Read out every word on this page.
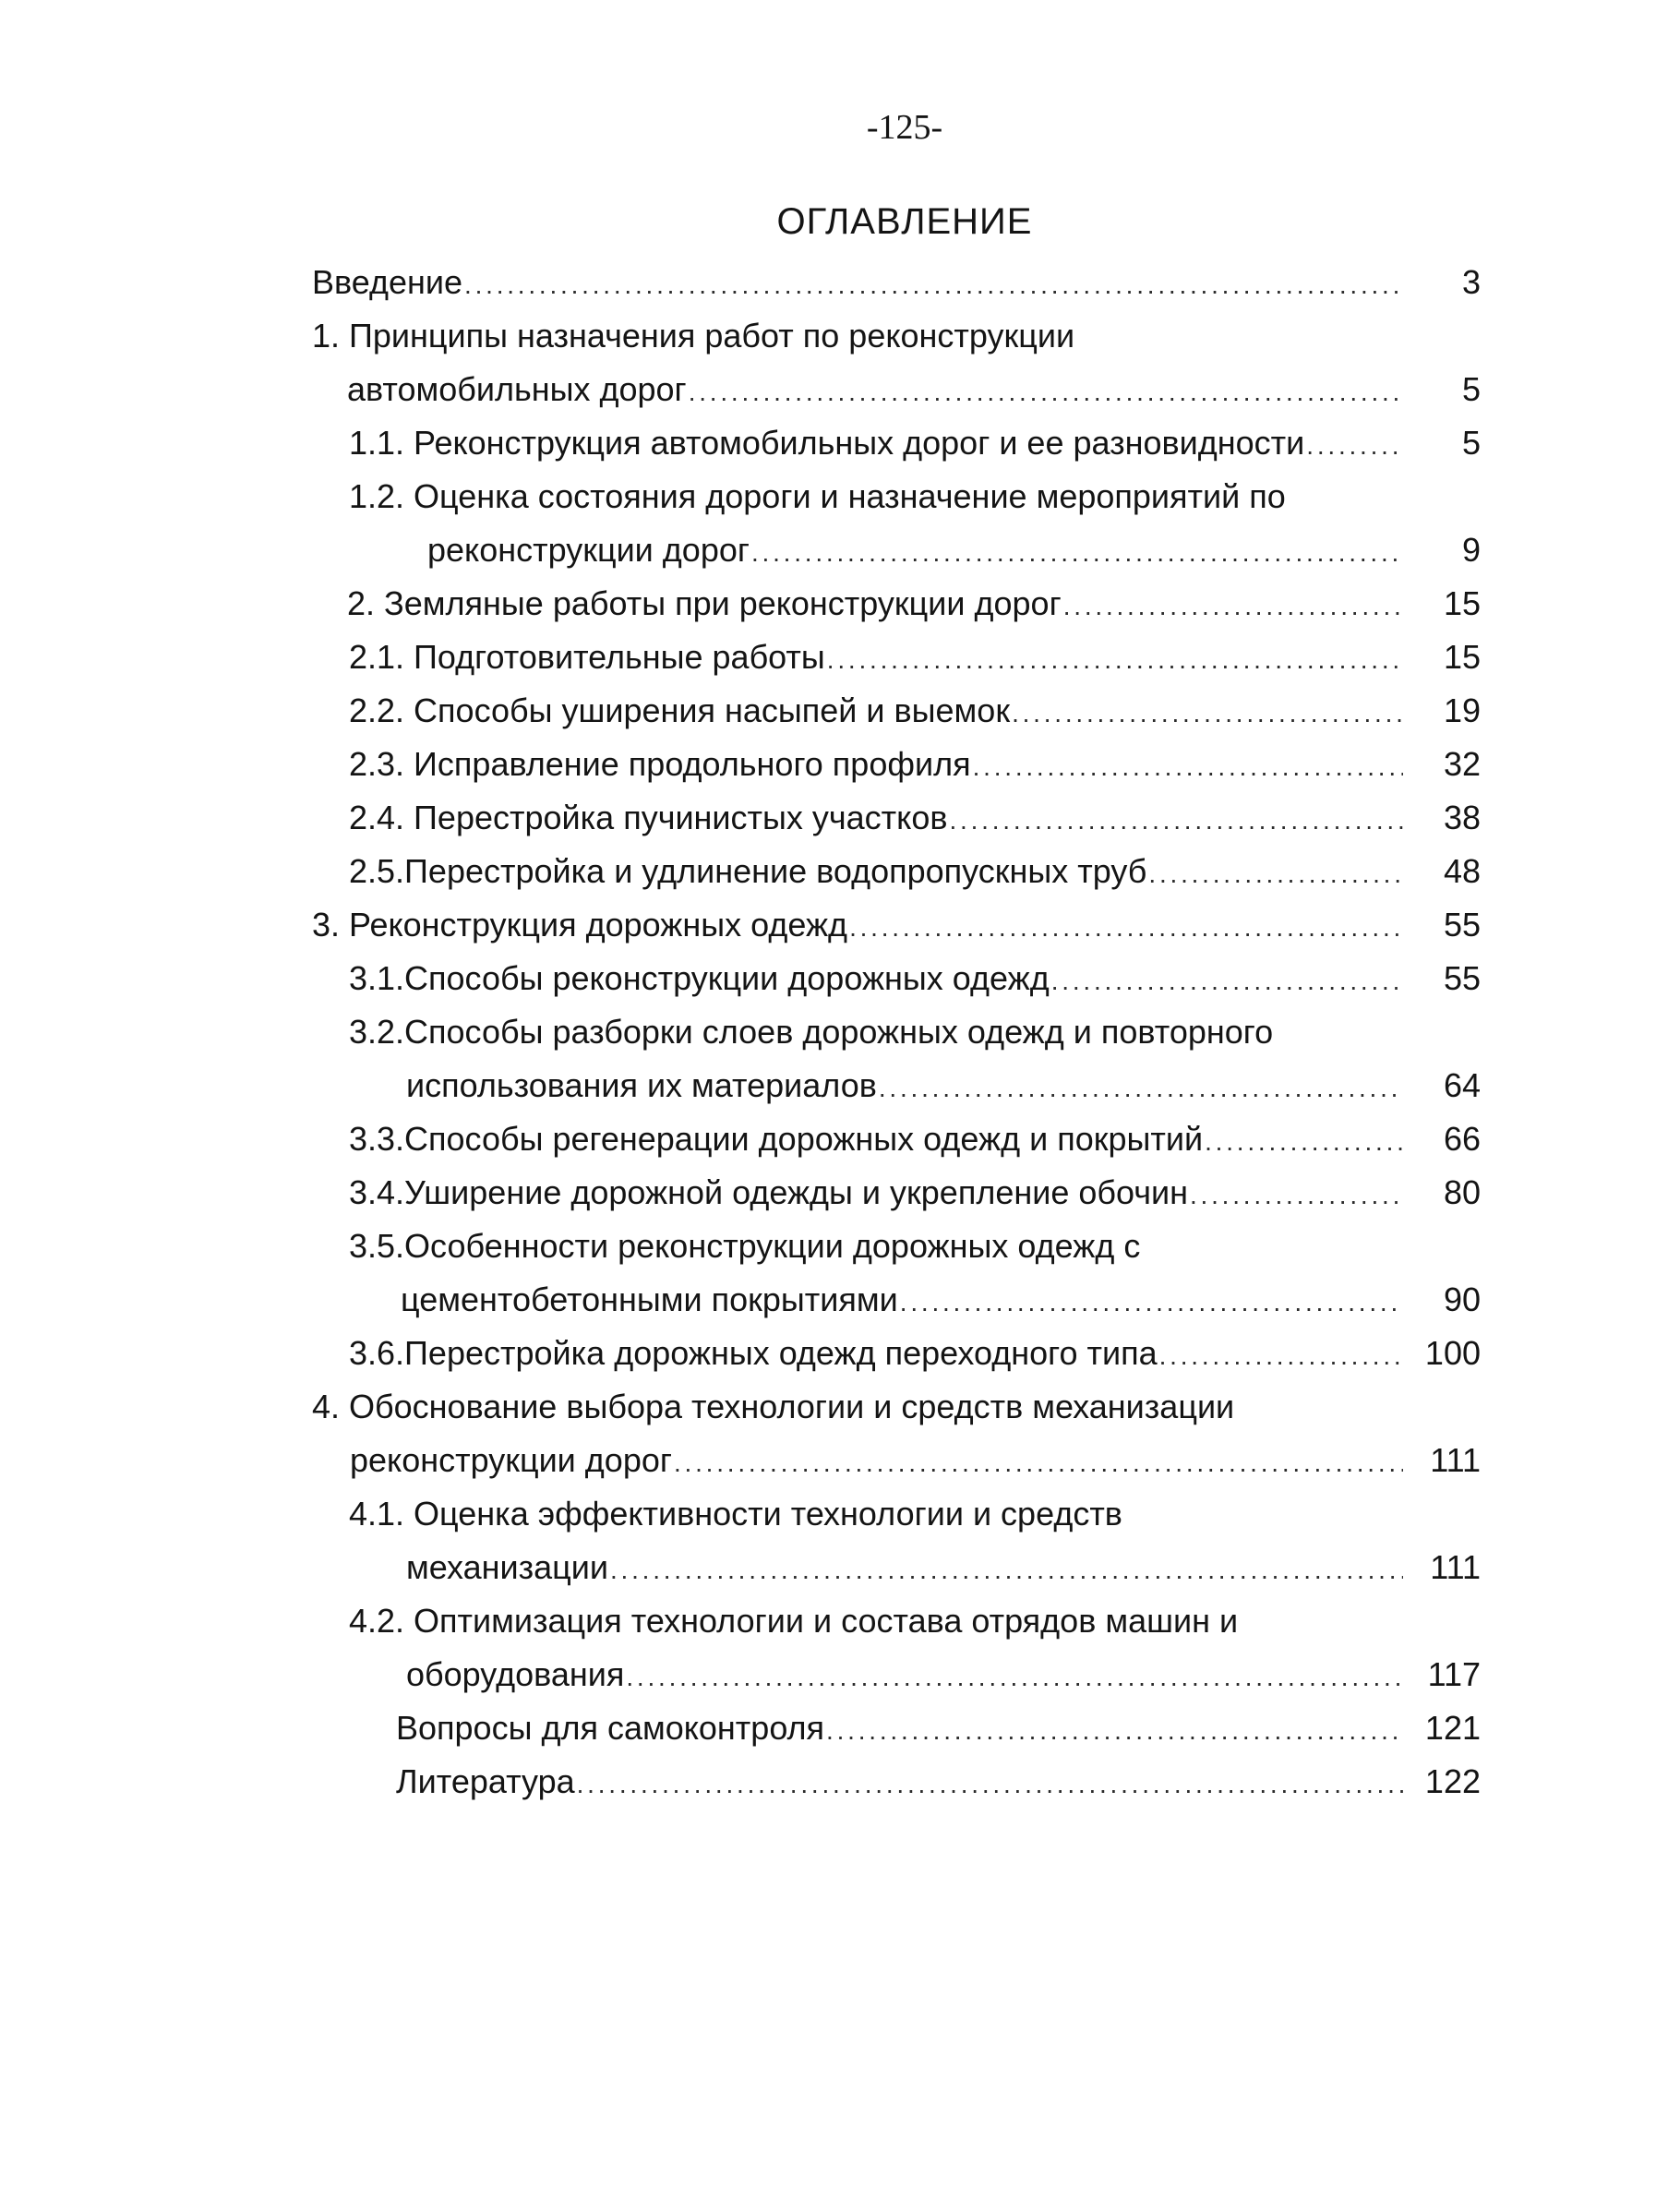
-125-
ОГЛАВЛЕНИЕ
Введение . . .	3
1. Принципы назначения работ по реконструкции
автомобильных дорог . . .	5
1.1. Реконструкция автомобильных дорог и ее разновидности . . .	5
1.2. Оценка состояния дороги и назначение мероприятий по
реконструкции дорог . . .	9
2. Земляные работы при реконструкции дорог . . .	15
2.1. Подготовительные работы . . .	15
2.2. Способы уширения насыпей и выемок . . .	19
2.3. Исправление продольного профиля . . .	32
2.4. Перестройка пучинистых участков . . .	38
2.5.Перестройка и удлинение водопропускных труб . . .	48
3. Реконструкция дорожных одежд . . .	55
3.1.Способы реконструкции дорожных одежд . . .	55
3.2.Способы разборки слоев дорожных одежд и повторного
использования их материалов . . .	64
3.3.Способы регенерации дорожных одежд и покрытий . . .	66
3.4.Уширение дорожной одежды и укрепление обочин . . .	80
3.5.Особенности реконструкции дорожных одежд с
цементобетонными покрытиями . . .	90
3.6.Перестройка дорожных одежд переходного типа . . .	100
4. Обоснование выбора технологии и средств механизации
реконструкции дорог . . .	111
4.1. Оценка эффективности технологии и средств
механизации . . .	111
4.2. Оптимизация технологии и состава отрядов машин и
оборудования . . .	117
Вопросы для самоконтроля . . .	121
Литература . . .	122
